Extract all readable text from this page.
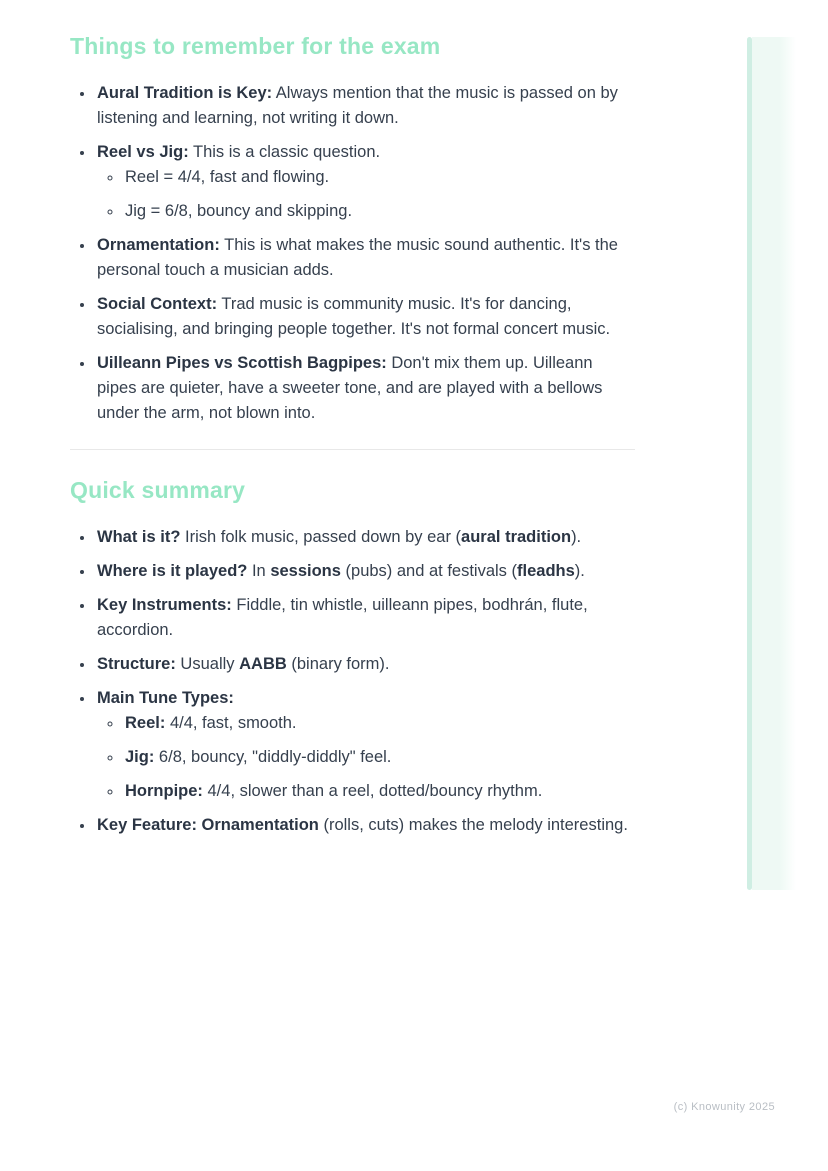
Things to remember for the exam
• Aural Tradition is Key: Always mention that the music is passed on by listening and learning, not writing it down.
• Reel vs Jig: This is a classic question.
◦ Reel = 4/4, fast and flowing.
◦ Jig = 6/8, bouncy and skipping.
• Ornamentation: This is what makes the music sound authentic. It's the personal touch a musician adds.
• Social Context: Trad music is community music. It's for dancing, socialising, and bringing people together. It's not formal concert music.
• Uilleann Pipes vs Scottish Bagpipes: Don't mix them up. Uilleann pipes are quieter, have a sweeter tone, and are played with a bellows under the arm, not blown into.
Quick summary
• What is it? Irish folk music, passed down by ear (aural tradition).
• Where is it played? In sessions (pubs) and at festivals (fleadhs).
• Key Instruments: Fiddle, tin whistle, uilleann pipes, bodhrán, flute, accordion.
• Structure: Usually AABB (binary form).
• Main Tune Types:
◦ Reel: 4/4, fast, smooth.
◦ Jig: 6/8, bouncy, "diddly-diddly" feel.
◦ Hornpipe: 4/4, slower than a reel, dotted/bouncy rhythm.
• Key Feature: Ornamentation (rolls, cuts) makes the melody interesting.
(c) Knowunity 2025
